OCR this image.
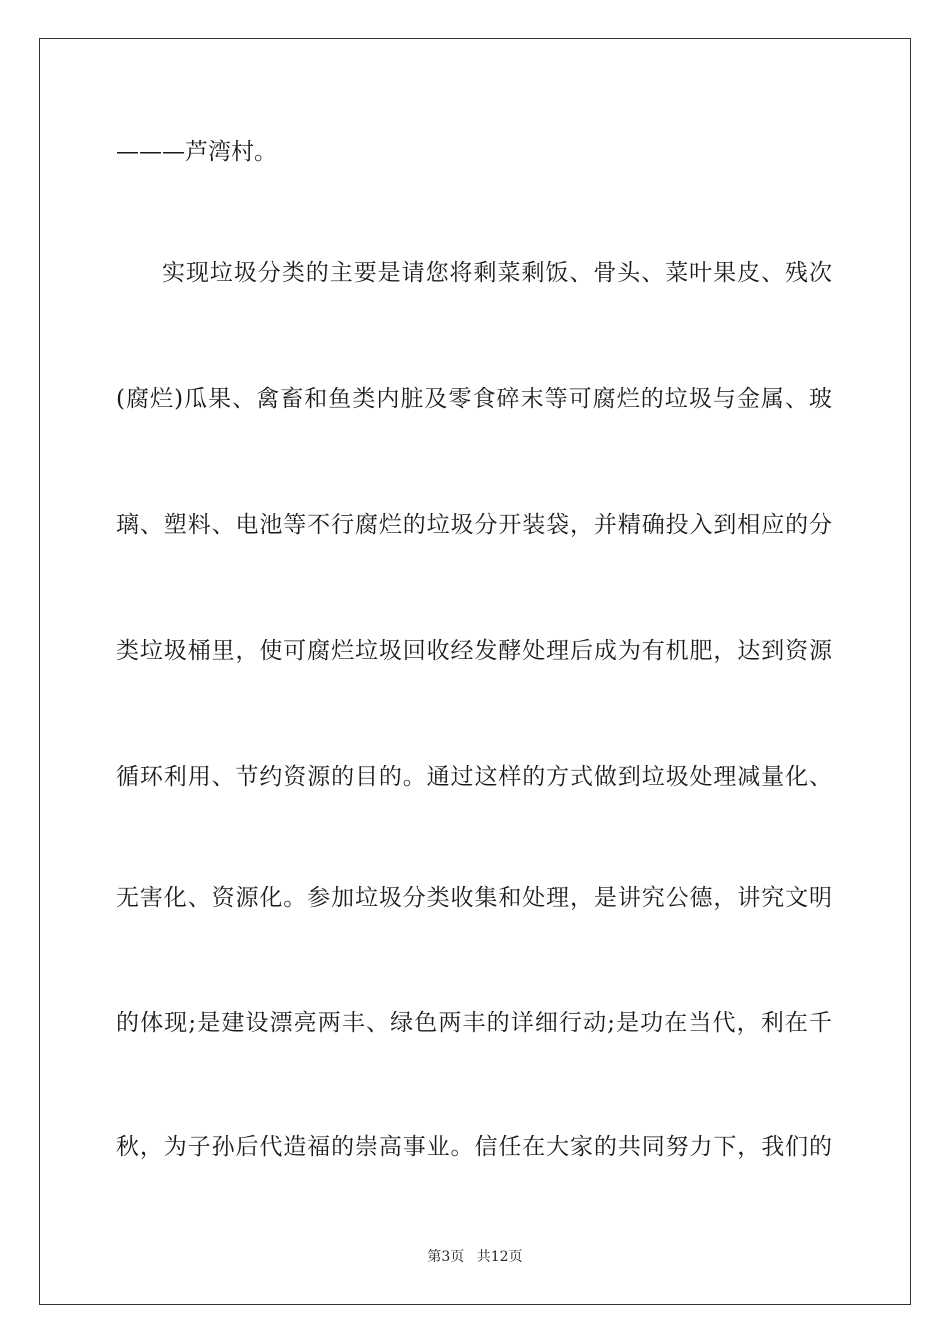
———芦湾村。
实现垃圾分类的主要是请您将剩菜剩饭、骨头、菜叶果皮、残次
(腐烂)瓜果、禽畜和鱼类内脏及零食碎末等可腐烂的垃圾与金属、玻
璃、塑料、电池等不行腐烂的垃圾分开装袋，并精确投入到相应的分
类垃圾桶里，使可腐烂垃圾回收经发酵处理后成为有机肥，达到资源
循环利用、节约资源的目的。通过这样的方式做到垃圾处理减量化、
无害化、资源化。参加垃圾分类收集和处理，是讲究公德，讲究文明
的体现;是建设漂亮两丰、绿色两丰的详细行动;是功在当代，利在千
秋，为子孙后代造福的崇高事业。信任在大家的共同努力下，我们的
第3页 共12页
